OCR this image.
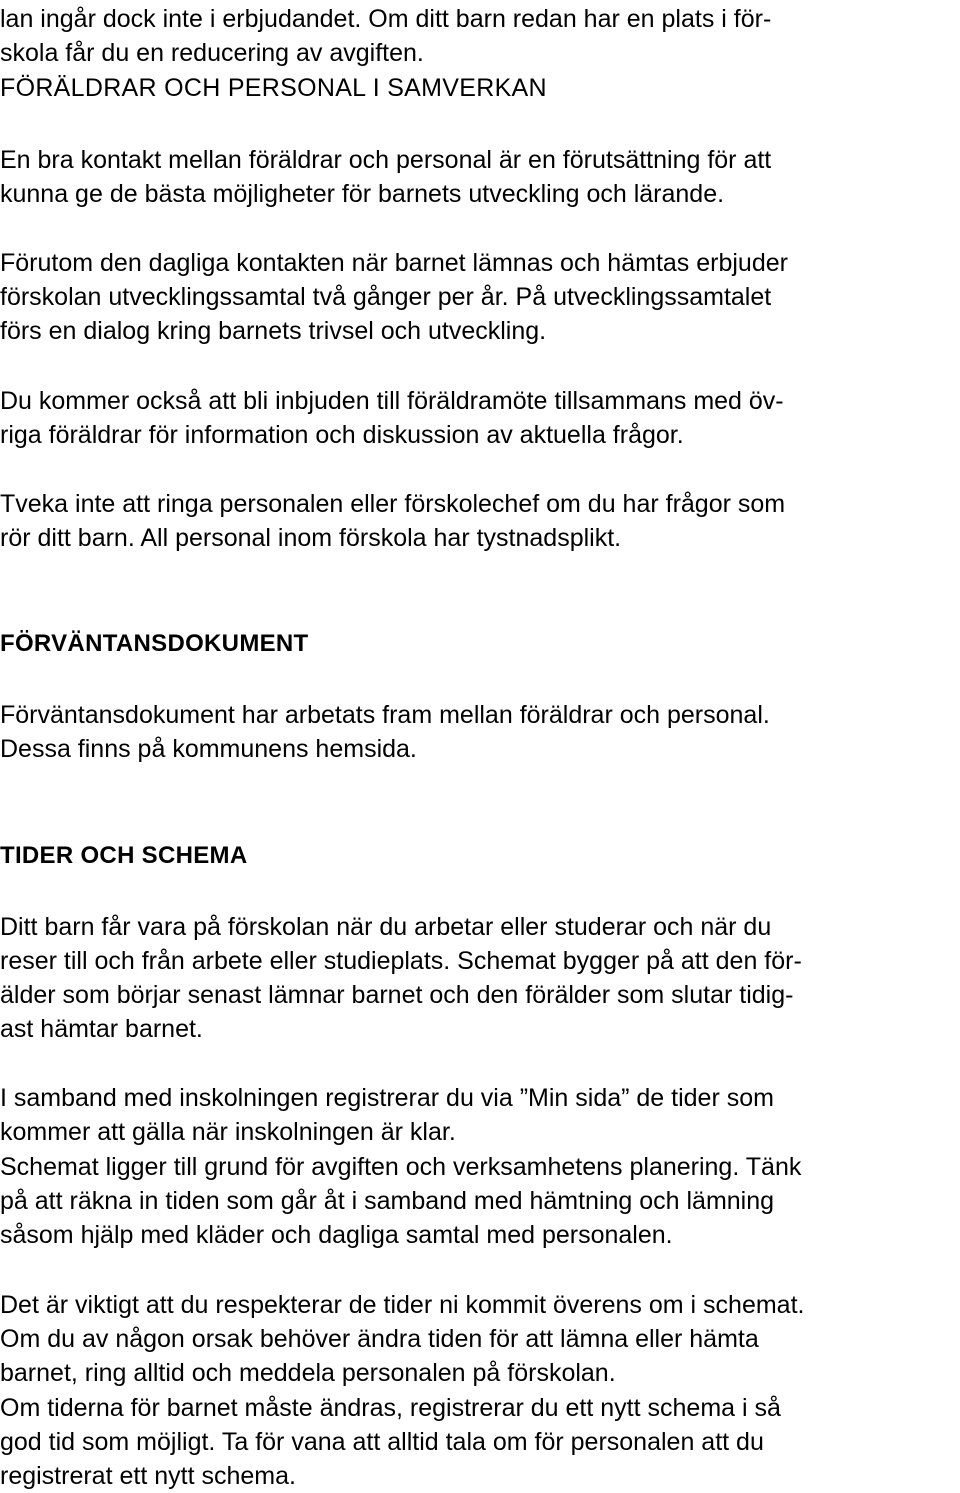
lan ingår dock inte i erbjudandet. Om ditt barn redan har en plats i för-

skola får du en reducering av avgiften.

FÖRÄLDRAR OCH PERSONAL I SAMVERKAN

En bra kontakt mellan föräldrar och personal är en förutsättning för att

kunna ge de bästa möjligheter för barnets utveckling och lärande.

Förutom den dagliga kontakten när barnet lämnas och hämtas erbjuder

förskolan utvecklingssamtal två gånger per år. På utvecklingssamtalet

förs en dialog kring barnets trivsel och utveckling.

Du kommer också att bli inbjuden till föräldramöte tillsammans med öv-

riga föräldrar för information och diskussion av aktuella frågor.

Tveka inte att ringa personalen eller förskolechef om du har frågor som

rör ditt barn. All personal inom förskola har tystnadsplikt.

FÖRVÄNTANSDOKUMENT

Förväntansdokument har arbetats fram mellan föräldrar och personal.

Dessa finns på kommunens hemsida.

TIDER OCH SCHEMA

Ditt barn får vara på förskolan när du arbetar eller studerar och när du

reser till och från arbete eller studieplats. Schemat bygger på att den för-

älder som börjar senast lämnar barnet och den förälder som slutar tidig-

ast hämtar barnet.

I samband med inskolningen registrerar du via ”Min sida” de tider som

kommer att gälla när inskolningen är klar.

Schemat ligger till grund för avgiften och verksamhetens planering. Tänk

på att räkna in tiden som går åt i samband med hämtning och lämning

såsom hjälp med kläder och dagliga samtal med personalen.

Det är viktigt att du respekterar de tider ni kommit överens om i schemat.

Om du av någon orsak behöver ändra tiden för att lämna eller hämta

barnet, ring alltid och meddela personalen på förskolan.

Om tiderna för barnet måste ändras, registrerar du ett nytt schema i så

god tid som möjligt. Ta för vana att alltid tala om för personalen att du

registrerat ett nytt schema.
